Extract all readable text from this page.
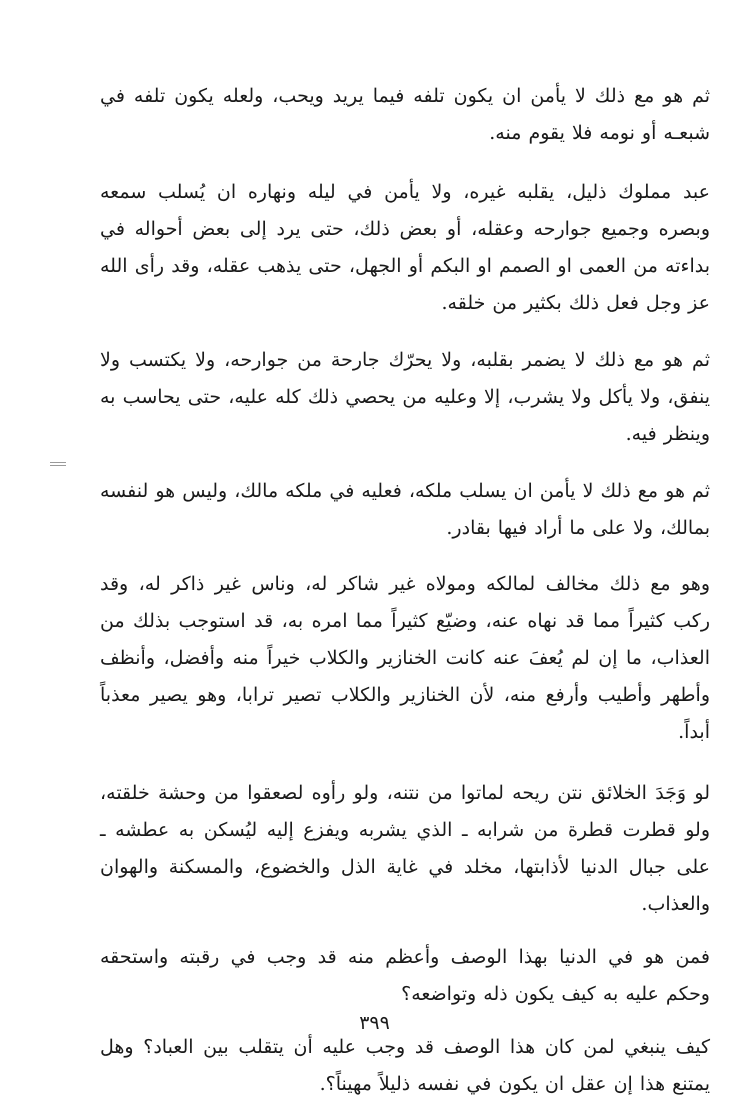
ثم هو مع ذلك لا يأمن ان يكون تلفه فيما يريد ويحب، ولعله يكون تلفه في شبعـه أو نومه فلا يقوم منه.

عبد مملوك ذليل، يقلبه غيره، ولا يأمن في ليله ونهاره ان يُسلب سمعه وبصره وجميع جوارحه وعقله، أو بعض ذلك، حتى يرد إلى بعض أحواله في بداءته من العمى او الصمم او البكم أو الجهل، حتى يذهب عقله، وقد رأى الله عز وجل فعل ذلك بكثير من خلقه.

ثم هو مع ذلك لا يضمر بقلبه، ولا يحرّك جارحة من جوارحه، ولا يكتسب ولا ينفق، ولا يأكل ولا يشرب، إلا وعليه من يحصي ذلك كله عليه، حتى يحاسب به وينظر فيه.

ثم هو مع ذلك لا يأمن ان يسلب ملكه، فعليه في ملكه مالك، وليس هو لنفسه بمالك، ولا على ما أراد فيها بقادر.

وهو مع ذلك مخالف لمالكه ومولاه غير شاكر له، وناس غير ذاكر له، وقد ركب كثيراً مما قد نهاه عنه، وضيّع كثيراً مما امره به، قد استوجب بذلك من العذاب، ما إن لم يُعفَ عنه كانت الخنازير والكلاب خيراً منه وأفضل، وأنظف وأطهر وأطيب وأرفع منه، لأن الخنازير والكلاب تصير ترابا، وهو يصير معذباً أبداً.

لو وَجَدَ الخلائق نتن ريحه لماتوا من نتنه، ولو رأوه لصعقوا من وحشة خلقته، ولو قطرت قطرة من شرابه ـ الذي يشربه ويفزع إليه ليُسكن به عطشه ـ على جبال الدنيا لأذابتها، مخلد في غاية الذل والخضوع، والمسكنة والهوان والعذاب.

فمن هو في الدنيا بهذا الوصف وأعظم منه قد وجب في رقبته واستحقه وحكم عليه به كيف يكون ذله وتواضعه؟

كيف ينبغي لمن كان هذا الوصف قد وجب عليه أن يتقلب بين العباد؟ وهل يمتنع هذا إن عقل ان يكون في نفسه ذليلاً مهيناً؟.

٣٩٩
